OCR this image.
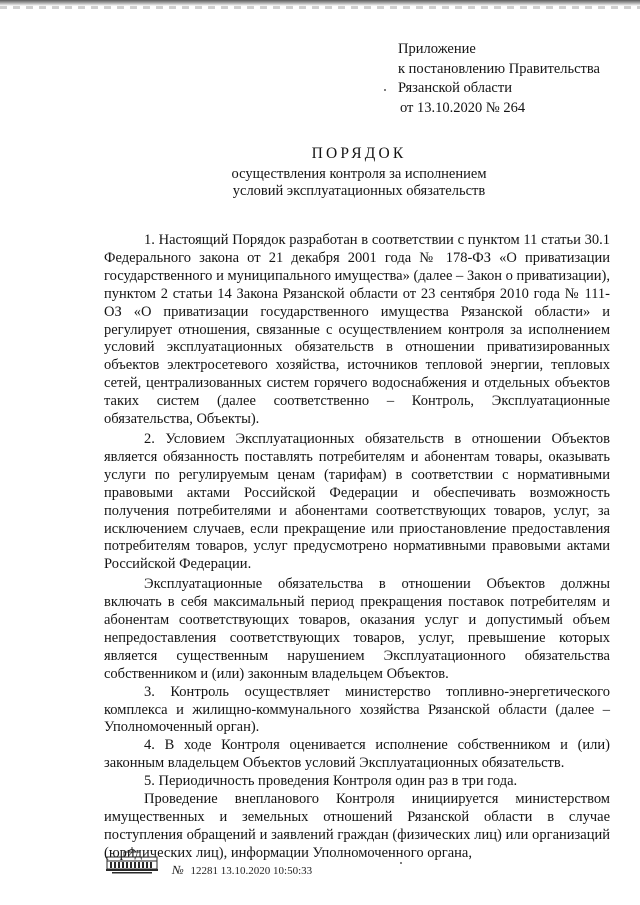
Приложение
к постановлению Правительства
Рязанской области
от 13.10.2020 № 264
ПОРЯДОК
осуществления контроля за исполнением
условий эксплуатационных обязательств

1. Настоящий Порядок разработан в соответствии с пунктом 11 статьи 30.1 Федерального закона от 21 декабря 2001 года № 178-ФЗ «О приватизации государственного и муниципального имущества» (далее – Закон о приватизации), пунктом 2 статьи 14 Закона Рязанской области от 23 сентября 2010 года № 111-ОЗ «О приватизации государственного имущества Рязанской области» и регулирует отношения, связанные с осуществлением контроля за исполнением условий эксплуатационных обязательств в отношении приватизированных объектов электросетевого хозяйства, источников тепловой энергии, тепловых сетей, централизованных систем горячего водоснабжения и отдельных объектов таких систем (далее соответственно – Контроль, Эксплуатационные обязательства, Объекты).

2. Условием Эксплуатационных обязательств в отношении Объектов является обязанность поставлять потребителям и абонентам товары, оказывать услуги по регулируемым ценам (тарифам) в соответствии с нормативными правовыми актами Российской Федерации и обеспечивать возможность получения потребителями и абонентами соответствующих товаров, услуг, за исключением случаев, если прекращение или приостановление предоставления потребителям товаров, услуг предусмотрено нормативными правовыми актами Российской Федерации.

Эксплуатационные обязательства в отношении Объектов должны включать в себя максимальный период прекращения поставок потребителям и абонентам соответствующих товаров, оказания услуг и допустимый объем непредоставления соответствующих товаров, услуг, превышение которых является существенным нарушением Эксплуатационного обязательства собственником и (или) законным владельцем Объектов.

3. Контроль осуществляет министерство топливно-энергетического комплекса и жилищно-коммунального хозяйства Рязанской области (далее – Уполномоченный орган).

4. В ходе Контроля оценивается исполнение собственником и (или) законным владельцем Объектов условий Эксплуатационных обязательств.

5. Периодичность проведения Контроля один раз в три года.

Проведение внепланового Контроля инициируется министерством имущественных и земельных отношений Рязанской области в случае поступления обращений и заявлений граждан (физических лиц) или организаций (юридических лиц), информации Уполномоченного органа,

№ 12281 13.10.2020 10:50:33
